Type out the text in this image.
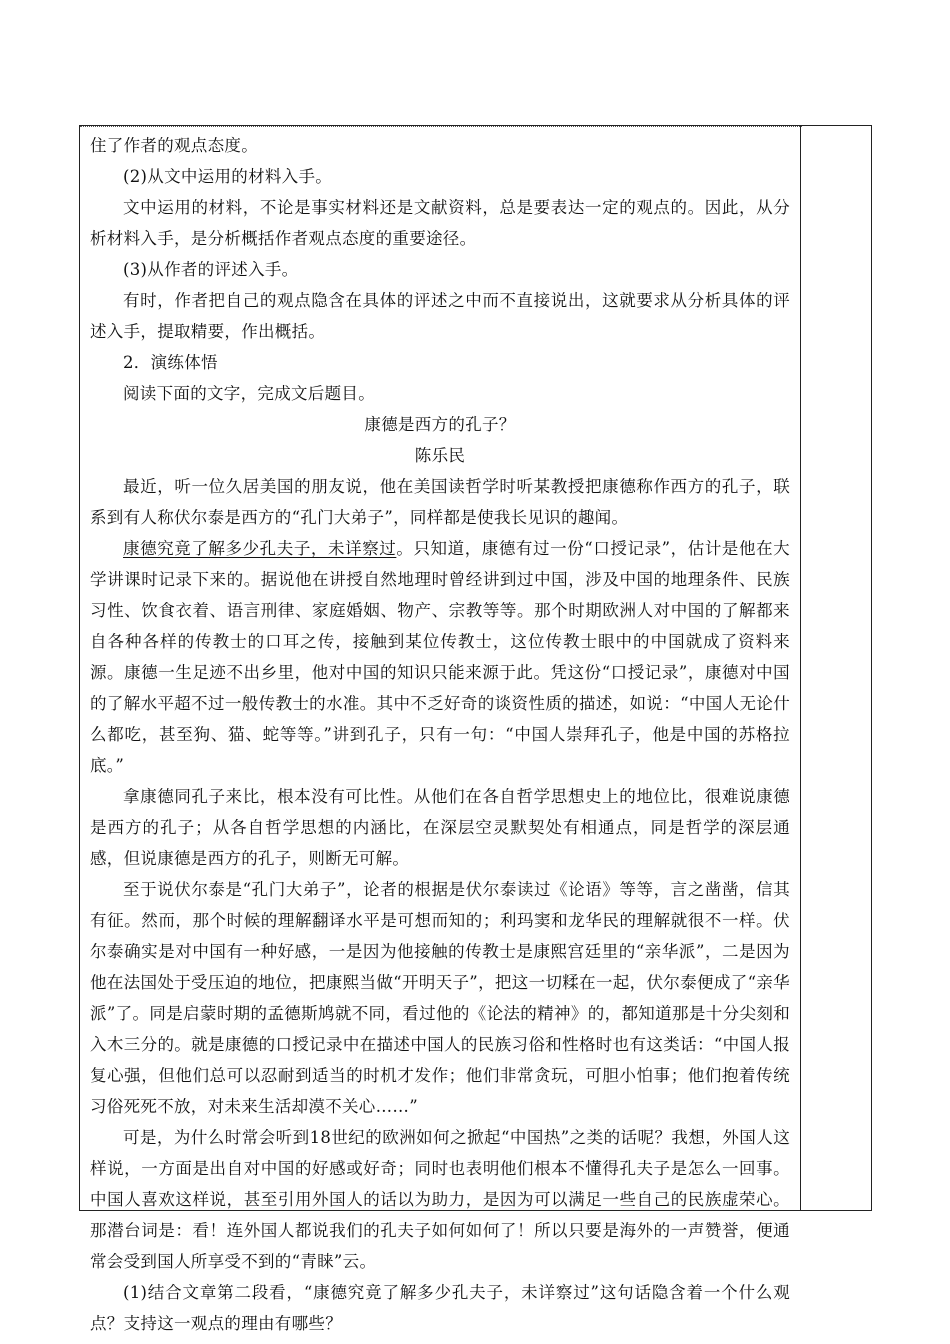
住了作者的观点态度。

(2)从文中运用的材料入手。

文中运用的材料，不论是事实材料还是文献资料，总是要表达一定的观点的。因此，从分析材料入手，是分析概括作者观点态度的重要途径。

(3)从作者的评述入手。

有时，作者把自己的观点隐含在具体的评述之中而不直接说出，这就要求从分析具体的评述入手，提取精要，作出概括。

2．演练体悟

阅读下面的文字，完成文后题目。

康德是西方的孔子？

陈乐民

最近，听一位久居美国的朋友说，他在美国读哲学时听某教授把康德称作西方的孔子，联系到有人称伏尔泰是西方的“孔门大弟子”，同样都是使我长见识的趣闻。

康德究竟了解多少孔夫子，未详察过。只知道，康德有过一份“口授记录”，估计是他在大学讲课时记录下来的。据说他在讲授自然地理时曾经讲到过中国，涉及中国的地理条件、民族习性、饮食衣着、语言刑律、家庭婚姻、物产、宗教等等。那个时期欧洲人对中国的了解都来自各种各样的传教士的口耳之传，接触到某位传教士，这位传教士眼中的中国就成了资料来源。康德一生足迹不出乡里，他对中国的知识只能来源于此。凭这份“口授记录”，康德对中国的了解水平超不过一般传教士的水准。其中不乏好奇的谈资性质的描述，如说：“中国人无论什么都吃，甚至狗、猫、蛇等等。”讲到孔子，只有一句：“中国人崇拜孔子，他是中国的苏格拉底。”

拿康德同孔子来比，根本没有可比性。从他们在各自哲学思想史上的地位比，很难说康德是西方的孔子；从各自哲学思想的内涵比，在深层空灵默契处有相通点，同是哲学的深层通感，但说康德是西方的孔子，则断无可解。

至于说伏尔泰是“孔门大弟子”，论者的根据是伏尔泰读过《论语》等等，言之凿凿，信其有征。然而，那个时候的理解翻译水平是可想而知的；利玛窦和龙华民的理解就很不一样。伏尔泰确实是对中国有一种好感，一是因为他接触的传教士是康熙宫廷里的“亲华派”，二是因为他在法国处于受压迫的地位，把康熙当做“开明天子”，把这一切糅在一起，伏尔泰便成了“亲华派”了。同是启蒙时期的孟德斯鸠就不同，看过他的《论法的精神》的，都知道那是十分尖刻和入木三分的。就是康德的口授记录中在描述中国人的民族习俗和性格时也有这类话：“中国人报复心强，但他们总可以忍耐到适当的时机才发作；他们非常贪玩，可胆小怕事；他们抱着传统习俗死死不放，对未来生活却漠不关心……”

可是，为什么时常会听到18世纪的欧洲如何之掀起“中国热”之类的话呢？我想，外国人这样说，一方面是出自对中国的好感或好奇；同时也表明他们根本不懂得孔夫子是怎么一回事。中国人喜欢这样说，甚至引用外国人的话以为助力，是因为可以满足一些自己的民族虚荣心。那潜台词是：看！连外国人都说我们的孔夫子如何如何了！所以只要是海外的一声赞誉，便通常会受到国人所享受不到的“青睐”云。

(1)结合文章第二段看，“康德究竟了解多少孔夫子，未详察过”这句话隐含着一个什么观点？支持这一观点的理由有哪些？
